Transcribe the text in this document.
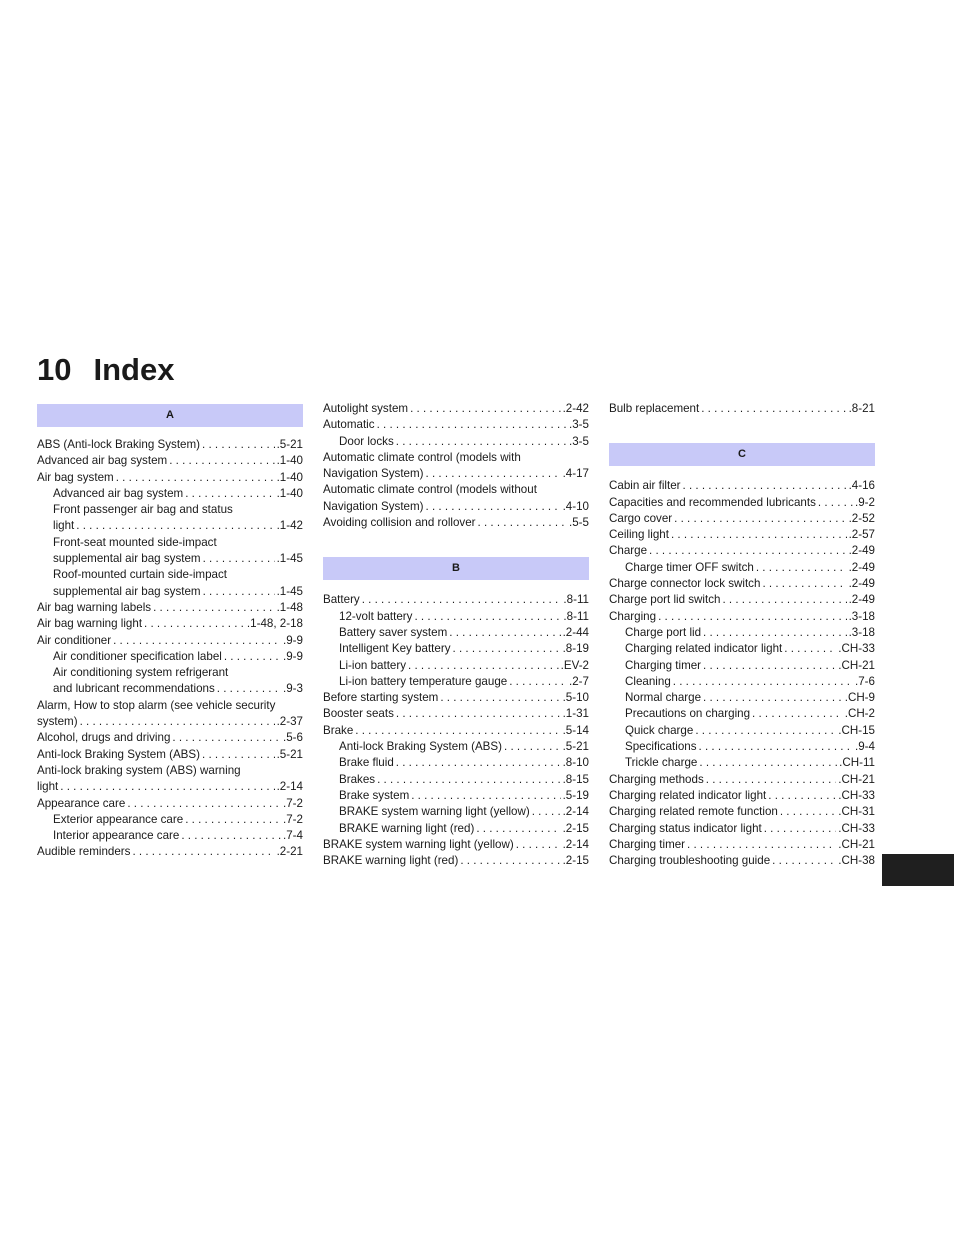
10 Index
A
ABS (Anti-lock Braking System) . . .	.5-21
Advanced air bag system . . .	.1-40
Air bag system . . .	.1-40
Advanced air bag system . . .	.1-40
Front passenger air bag and status
light . . .	.1-42
Front-seat mounted side-impact
supplemental air bag system . . .	.1-45
Roof-mounted curtain side-impact
supplemental air bag system . . .	.1-45
Air bag warning labels . . .	.1-48
Air bag warning light . . .	.1-48, 2-18
Air conditioner . . .	.9-9
Air conditioner specification label . . .	.9-9
Air conditioning system refrigerant
and lubricant recommendations . . .	.9-3
Alarm, How to stop alarm (see vehicle security
system) . . .	.2-37
Alcohol, drugs and driving . . .	.5-6
Anti-lock Braking System (ABS) . . .	.5-21
Anti-lock braking system (ABS) warning
light . . .	.2-14
Appearance care . . .	.7-2
Exterior appearance care . . .	.7-2
Interior appearance care . . .	.7-4
Audible reminders . . .	.2-21
Autolight system . . .	.2-42
Automatic . . .	.3-5
Door locks . . .	.3-5
Automatic climate control (models with
Navigation System) . . .	.4-17
Automatic climate control (models without
Navigation System) . . .	.4-10
Avoiding collision and rollover . . .	.5-5
B
Battery . . .	.8-11
12-volt battery . . .	.8-11
Battery saver system . . .	.2-44
Intelligent Key battery . . .	.8-19
Li-ion battery . . .	.EV-2
Li-ion battery temperature gauge . . .	.2-7
Before starting system . . .	.5-10
Booster seats . . .	.1-31
Brake . . .	.5-14
Anti-lock Braking System (ABS) . . .	.5-21
Brake fluid . . .	.8-10
Brakes . . .	.8-15
Brake system . . .	.5-19
BRAKE system warning light (yellow) . . .	.2-14
BRAKE warning light (red) . . .	.2-15
BRAKE system warning light (yellow) . . .	.2-14
BRAKE warning light (red) . . .	.2-15
Bulb replacement . . .	.8-21
C
Cabin air filter . . .	.4-16
Capacities and recommended lubricants . . .	.9-2
Cargo cover . . .	.2-52
Ceiling light . . .	.2-57
Charge . . .	.2-49
Charge timer OFF switch . . .	.2-49
Charge connector lock switch . . .	.2-49
Charge port lid switch . . .	.2-49
Charging . . .	.3-18
Charge port lid . . .	.3-18
Charging related indicator light . . .	.CH-33
Charging timer . . .	.CH-21
Cleaning . . .	.7-6
Normal charge . . .	.CH-9
Precautions on charging . . .	.CH-2
Quick charge . . .	.CH-15
Specifications . . .	.9-4
Trickle charge . . .	.CH-11
Charging methods . . .	.CH-21
Charging related indicator light . . .	.CH-33
Charging related remote function . . .	.CH-31
Charging status indicator light . . .	.CH-33
Charging timer . . .	.CH-21
Charging troubleshooting guide . . .	.CH-38
